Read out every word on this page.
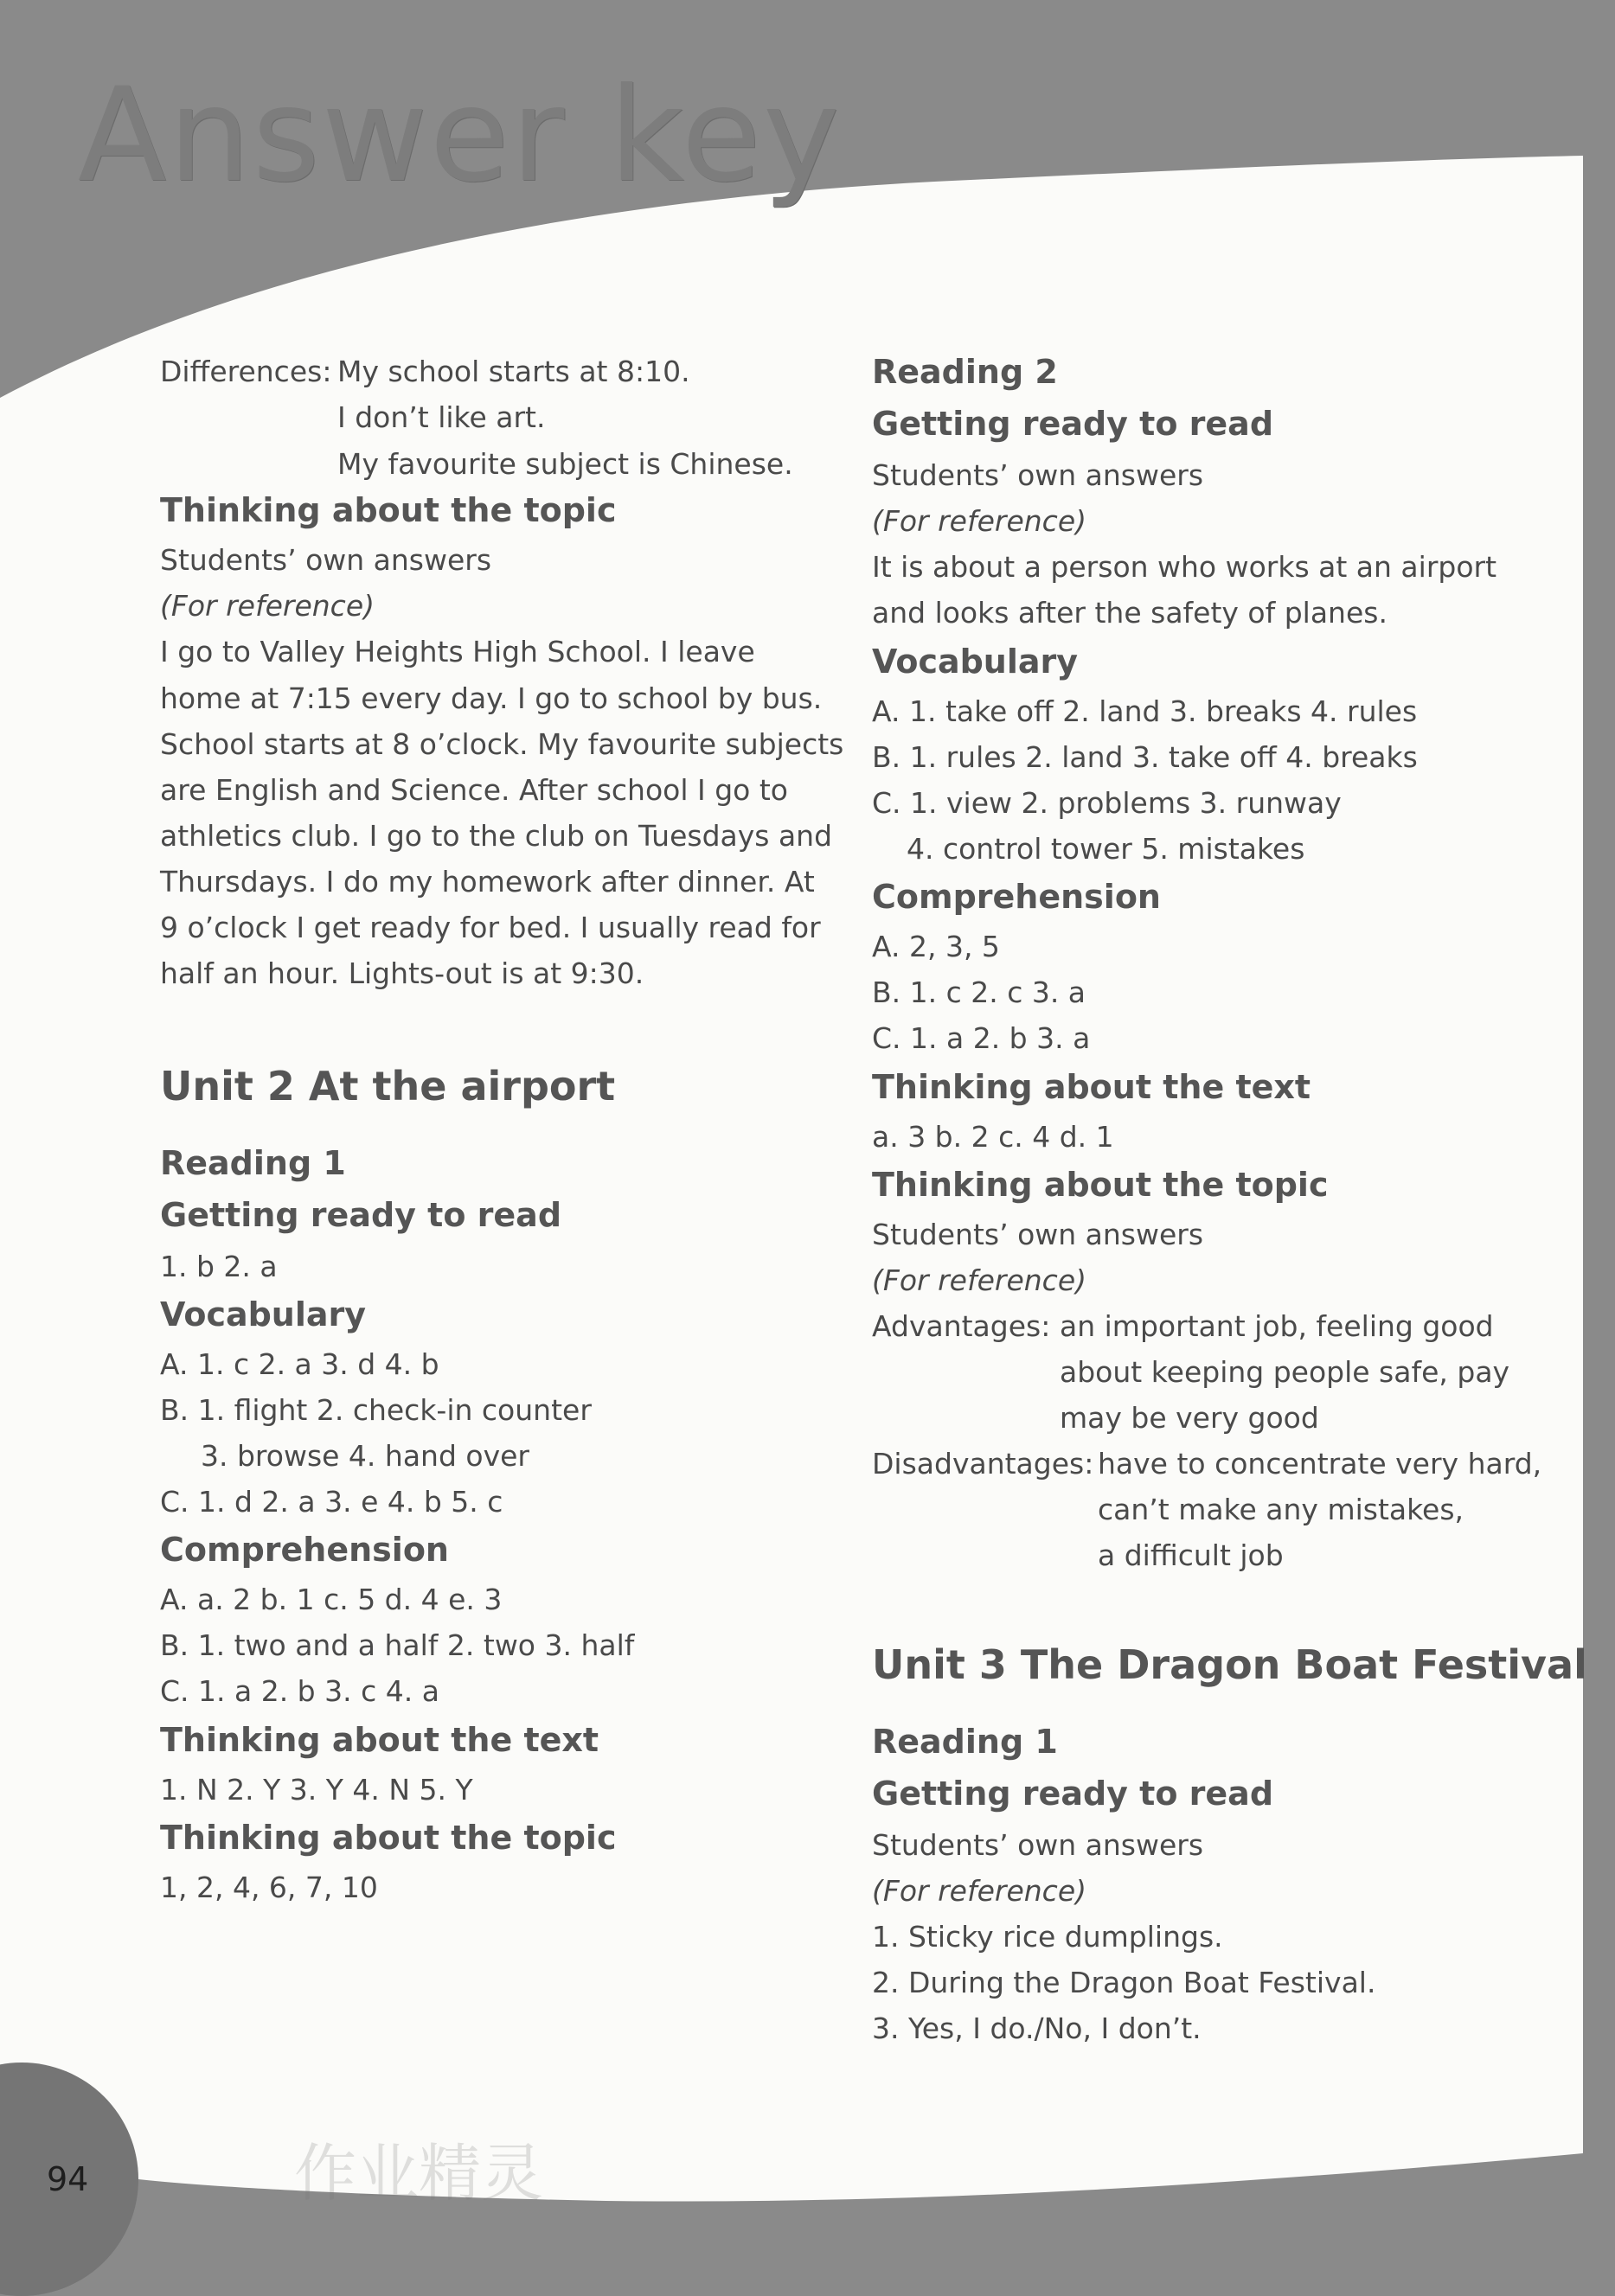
Answer key
Differences: My school starts at 8:10.
I don’t like art.
My favourite subject is Chinese.
Thinking about the topic
Students’ own answers
(For reference)
I go to Valley Heights High School. I leave
home at 7:15 every day. I go to school by bus.
School starts at 8 o’clock. My favourite subjects
are English and Science. After school I go to
athletics club. I go to the club on Tuesdays and
Thursdays. I do my homework after dinner. At
9 o’clock I get ready for bed. I usually read for
half an hour. Lights-out is at 9:30.
Unit 2 At the airport
Reading 1
Getting ready to read
1. b 2. a
Vocabulary
A. 1. c 2. a 3. d 4. b
B. 1. flight 2. check-in counter
3. browse 4. hand over
C. 1. d 2. a 3. e 4. b 5. c
Comprehension
A. a. 2 b. 1 c. 5 d. 4 e. 3
B. 1. two and a half 2. two 3. half
C. 1. a 2. b 3. c 4. a
Thinking about the text
1. N 2. Y 3. Y 4. N 5. Y
Thinking about the topic
1, 2, 4, 6, 7, 10
Reading 2
Getting ready to read
Students’ own answers
(For reference)
It is about a person who works at an airport
and looks after the safety of planes.
Vocabulary
A. 1. take off 2. land 3. breaks 4. rules
B. 1. rules 2. land 3. take off 4. breaks
C. 1. view 2. problems 3. runway
4. control tower 5. mistakes
Comprehension
A. 2, 3, 5
B. 1. c 2. c 3. a
C. 1. a 2. b 3. a
Thinking about the text
a. 3 b. 2 c. 4 d. 1
Thinking about the topic
Students’ own answers
(For reference)
Advantages: an important job, feeling good
about keeping people safe, pay
may be very good
Disadvantages: have to concentrate very hard,
can’t make any mistakes,
a difficult job
Unit 3 The Dragon Boat Festival
Reading 1
Getting ready to read
Students’ own answers
(For reference)
1. Sticky rice dumplings.
2. During the Dragon Boat Festival.
3. Yes, I do./No, I don’t.
作业精灵
94
